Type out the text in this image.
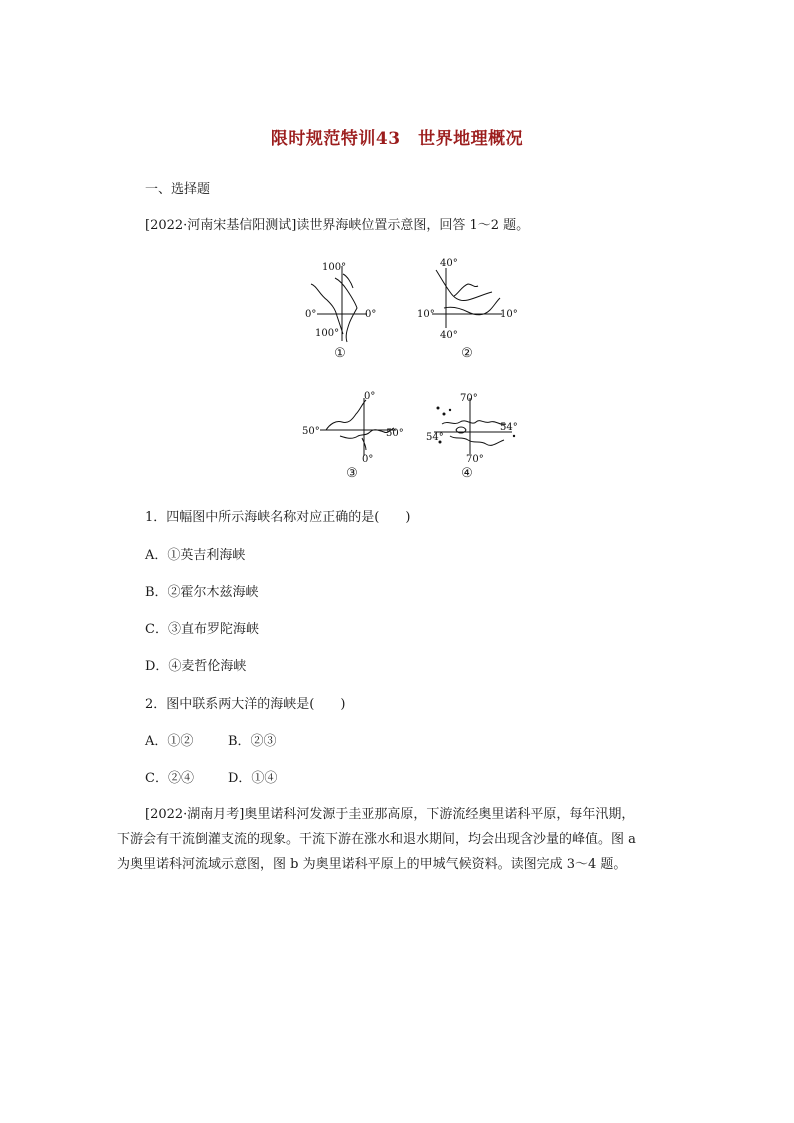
限时规范特训43　世界地理概况
一、选择题
[2022·河南宋基信阳测试]读世界海峡位置示意图，回答 1～2 题。
100°
100°
0°	0°
①
40°
40°
10°	10°
②
0°
0°
50°	50°
③
70°
70°
54°
54°
④
1．四幅图中所示海峡名称对应正确的是(　　)
A．①英吉利海峡
B．②霍尔木兹海峡
C．③直布罗陀海峡
D．④麦哲伦海峡
2．图中联系两大洋的海峡是(　　)
A．①②	B．②③
C．②④	D．①④

[2022·湖南月考]奥里诺科河发源于圭亚那高原，下游流经奥里诺科平原，每年汛期，

下游会有干流倒灌支流的现象。干流下游在涨水和退水期间，均会出现含沙量的峰值。图 a

为奥里诺科河流域示意图，图 b 为奥里诺科平原上的甲城气候资料。读图完成 3～4 题。
